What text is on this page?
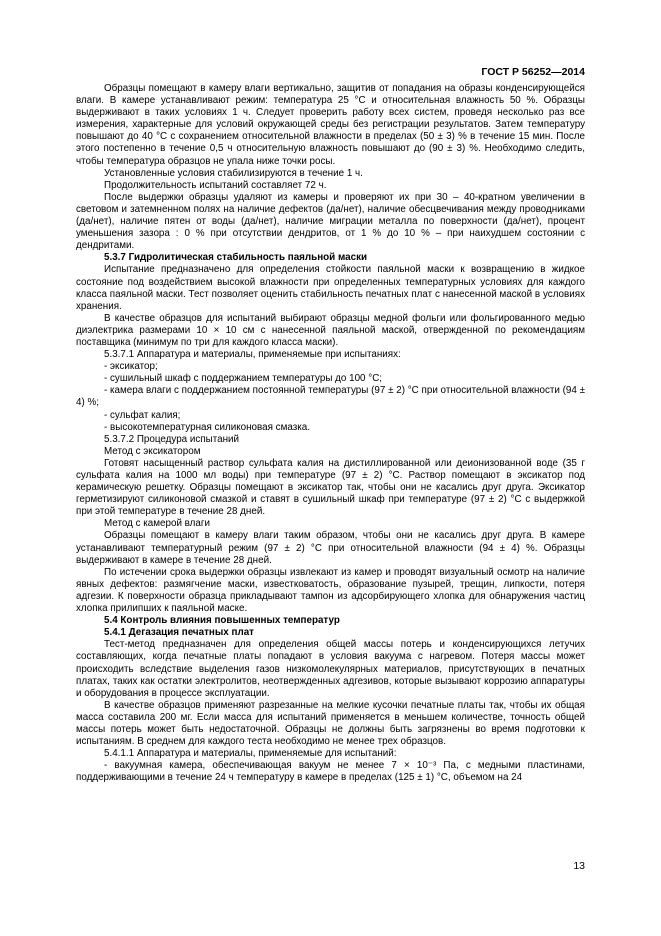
ГОСТ Р 56252—2014

Образцы помещают в камеру влаги вертикально, защитив от попадания на образы конденсирующейся влаги. В камере устанавливают режим: температура 25 °С и относительная влажность 50 %. Образцы выдерживают в таких условиях 1 ч. Следует проверить работу всех систем, проведя несколько раз все измерения, характерные для условий окружающей среды без регистрации результатов. Затем температуру повышают до 40 °С с сохранением относительной влажности в пределах (50 ± 3) % в течение 15 мин. После этого постепенно в течение 0,5 ч относительную влажность повышают до (90 ± 3) %. Необходимо следить, чтобы температура образцов не упала ниже точки росы.

Установленные условия стабилизируются в течение 1 ч.

Продолжительность испытаний составляет 72 ч.

После выдержки образцы удаляют из камеры и проверяют их при 30 – 40-кратном увеличении в световом и затемненном полях на наличие дефектов (да/нет), наличие обесцвечивания между проводниками (да/нет), наличие пятен от воды (да/нет), наличие миграции металла по поверхности (да/нет), процент уменьшения зазора : 0 % при отсутствии дендритов, от 1 % до 10 % – при наихудшем состоянии с дендритами.

5.3.7 Гидролитическая стабильность паяльной маски

Испытание предназначено для определения стойкости паяльной маски к возвращению в жидкое состояние под воздействием высокой влажности при определенных температурных условиях для каждого класса паяльной маски. Тест позволяет оценить стабильность печатных плат с нанесенной маской в условиях хранения.

В качестве образцов для испытаний выбирают образцы медной фольги или фольгированного медью диэлектрика размерами 10 × 10 см с нанесенной паяльной маской, отвержденной по рекомендациям поставщика (минимум по три для каждого класса маски).

5.3.7.1 Аппаратура и материалы, применяемые при испытаниях:

- эксикатор;

- сушильный шкаф с поддержанием температуры до 100 °С;

- камера влаги с поддержанием постоянной температуры (97 ± 2) °С при относительной влажности (94 ± 4) %;

- сульфат калия;

- высокотемпературная силиконовая смазка.

5.3.7.2 Процедура испытаний

Метод с эксикатором

Готовят насыщенный раствор сульфата калия на дистиллированной или деионизованной воде (35 г сульфата калия на 1000 мл воды) при температуре (97 ± 2) °С. Раствор помещают в эксикатор под керамическую решетку. Образцы помещают в эксикатор так, чтобы они не касались друг друга. Эксикатор герметизируют силиконовой смазкой и ставят в сушильный шкаф при температуре (97 ± 2) °С с выдержкой при этой температуре в течение 28 дней.

Метод с камерой влаги

Образцы помещают в камеру влаги таким образом, чтобы они не касались друг друга. В камере устанавливают температурный режим (97 ± 2) °С при относительной влажности (94 ± 4) %. Образцы выдерживают в камере в течение 28 дней.

По истечении срока выдержки образцы извлекают из камер и проводят визуальный осмотр на наличие явных дефектов: размягчение маски, известковатость, образование пузырей, трещин, липкости, потеря адгезии. К поверхности образца прикладывают тампон из адсорбирующего хлопка для обнаружения частиц хлопка прилипших к паяльной маске.

5.4 Контроль влияния повышенных температур

5.4.1 Дегазация печатных плат

Тест-метод предназначен для определения общей массы потерь и конденсирующихся летучих составляющих, когда печатные платы попадают в условия вакуума с нагревом. Потеря массы может происходить вследствие выделения газов низкомолекулярных материалов, присутствующих в печатных платах, таких как остатки электролитов, неотвержденных адгезивов, которые вызывают коррозию аппаратуры и оборудования в процессе эксплуатации.

В качестве образцов применяют разрезанные на мелкие кусочки печатные платы так, чтобы их общая масса составила 200 мг. Если масса для испытаний применяется в меньшем количестве, точность общей массы потерь может быть недостаточной. Образцы не должны быть загрязнены во время подготовки к испытаниям. В среднем для каждого теста необходимо не менее трех образцов.

5.4.1.1 Аппаратура и материалы, применяемые для испытаний:

- вакуумная камера, обеспечивающая вакуум не менее 7 × 10⁻³ Па, с медными пластинами, поддерживающими в течение 24 ч температуру в камере в пределах (125 ± 1) °С, объемом на 24

13
